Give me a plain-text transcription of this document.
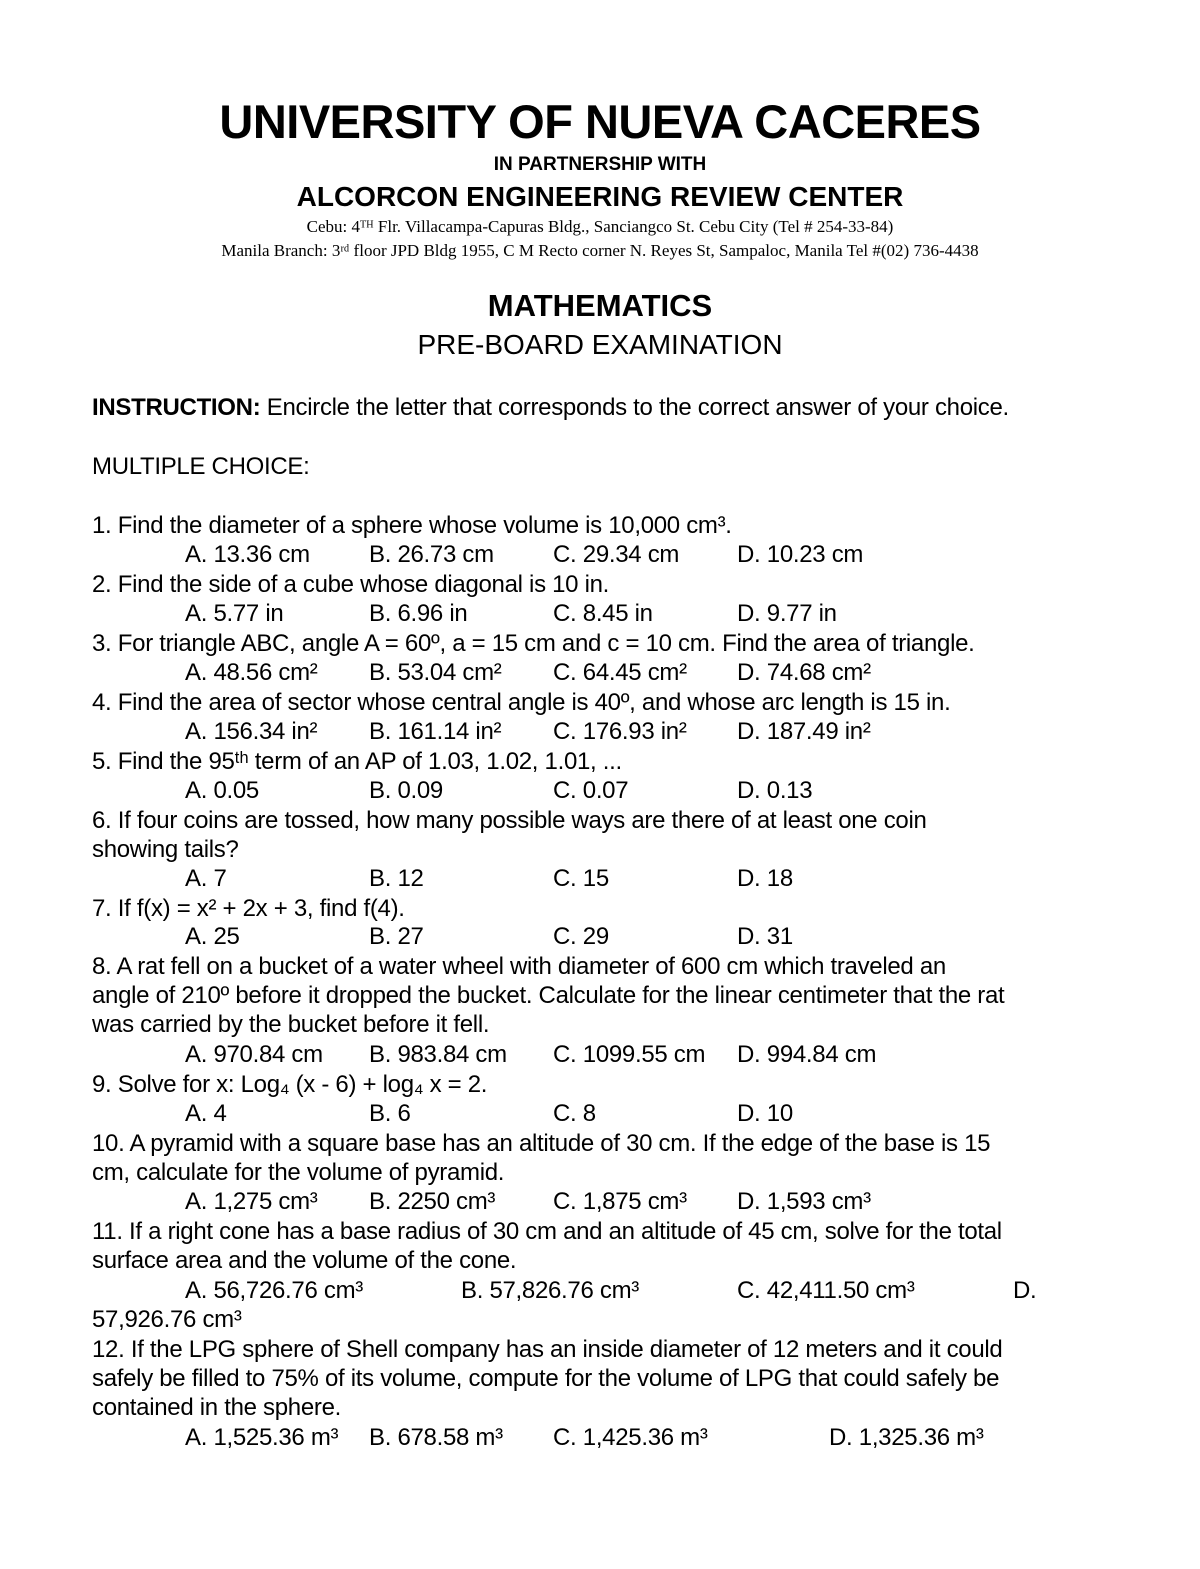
UNIVERSITY OF NUEVA CACERES
IN PARTNERSHIP WITH
ALCORCON ENGINEERING REVIEW CENTER
Cebu: 4ᵀᴴ Flr. Villacampa-Capuras Bldg., Sanciangco St. Cebu City (Tel # 254-33-84)
Manila Branch: 3ʳᵈ floor JPD Bldg 1955, C M Recto corner N. Reyes St, Sampaloc, Manila Tel #(02) 736-4438
MATHEMATICS
PRE-BOARD EXAMINATION
INSTRUCTION: Encircle the letter that corresponds to the correct answer of your choice.
MULTIPLE CHOICE:
1. Find the diameter of a sphere whose volume is 10,000 cm³.
A. 13.36 cm B. 26.73 cm C. 29.34 cm D. 10.23 cm
2. Find the side of a cube whose diagonal is 10 in.
A. 5.77 in	B. 6.96 in	C. 8.45 in	D. 9.77 in
3. For triangle ABC, angle A = 60º, a = 15 cm and c = 10 cm. Find the area of triangle.
A. 48.56 cm² B. 53.04 cm² C. 64.45 cm² D. 74.68 cm²
4. Find the area of sector whose central angle is 40º, and whose arc length is 15 in.
A. 156.34 in² B. 161.14 in² C. 176.93 in² D. 187.49 in²
5. Find the 95ᵗʰ term of an AP of 1.03, 1.02, 1.01, ...
A. 0.05	B. 0.09	C. 0.07	D. 0.13
6. If four coins are tossed, how many possible ways are there of at least one coin
showing tails?
A. 7	B. 12	C. 15	D. 18
7. If f(x) = x² + 2x + 3, find f(4).
A. 25	B. 27	C. 29	D. 31
8. A rat fell on a bucket of a water wheel with diameter of 600 cm which traveled an
angle of 210º before it dropped the bucket. Calculate for the linear centimeter that the rat
was carried by the bucket before it fell.
A. 970.84 cm B. 983.84 cm C. 1099.55 cm D. 994.84 cm
9. Solve for x: Log₄ (x - 6) + log₄ x = 2.
A. 4	B. 6	C. 8	D. 10
10. A pyramid with a square base has an altitude of 30 cm. If the edge of the base is 15
cm, calculate for the volume of pyramid.
A. 1,275 cm³ B. 2250 cm³ C. 1,875 cm³ D. 1,593 cm³
11. If a right cone has a base radius of 30 cm and an altitude of 45 cm, solve for the total
surface area and the volume of the cone.
A. 56,726.76 cm³	B. 57,826.76 cm³	C. 42,411.50 cm³	D.
57,926.76 cm³
12. If the LPG sphere of Shell company has an inside diameter of 12 meters and it could
safely be filled to 75% of its volume, compute for the volume of LPG that could safely be
contained in the sphere.
A. 1,525.36 m³ B. 678.58 m³ C. 1,425.36 m³	D. 1,325.36 m³
